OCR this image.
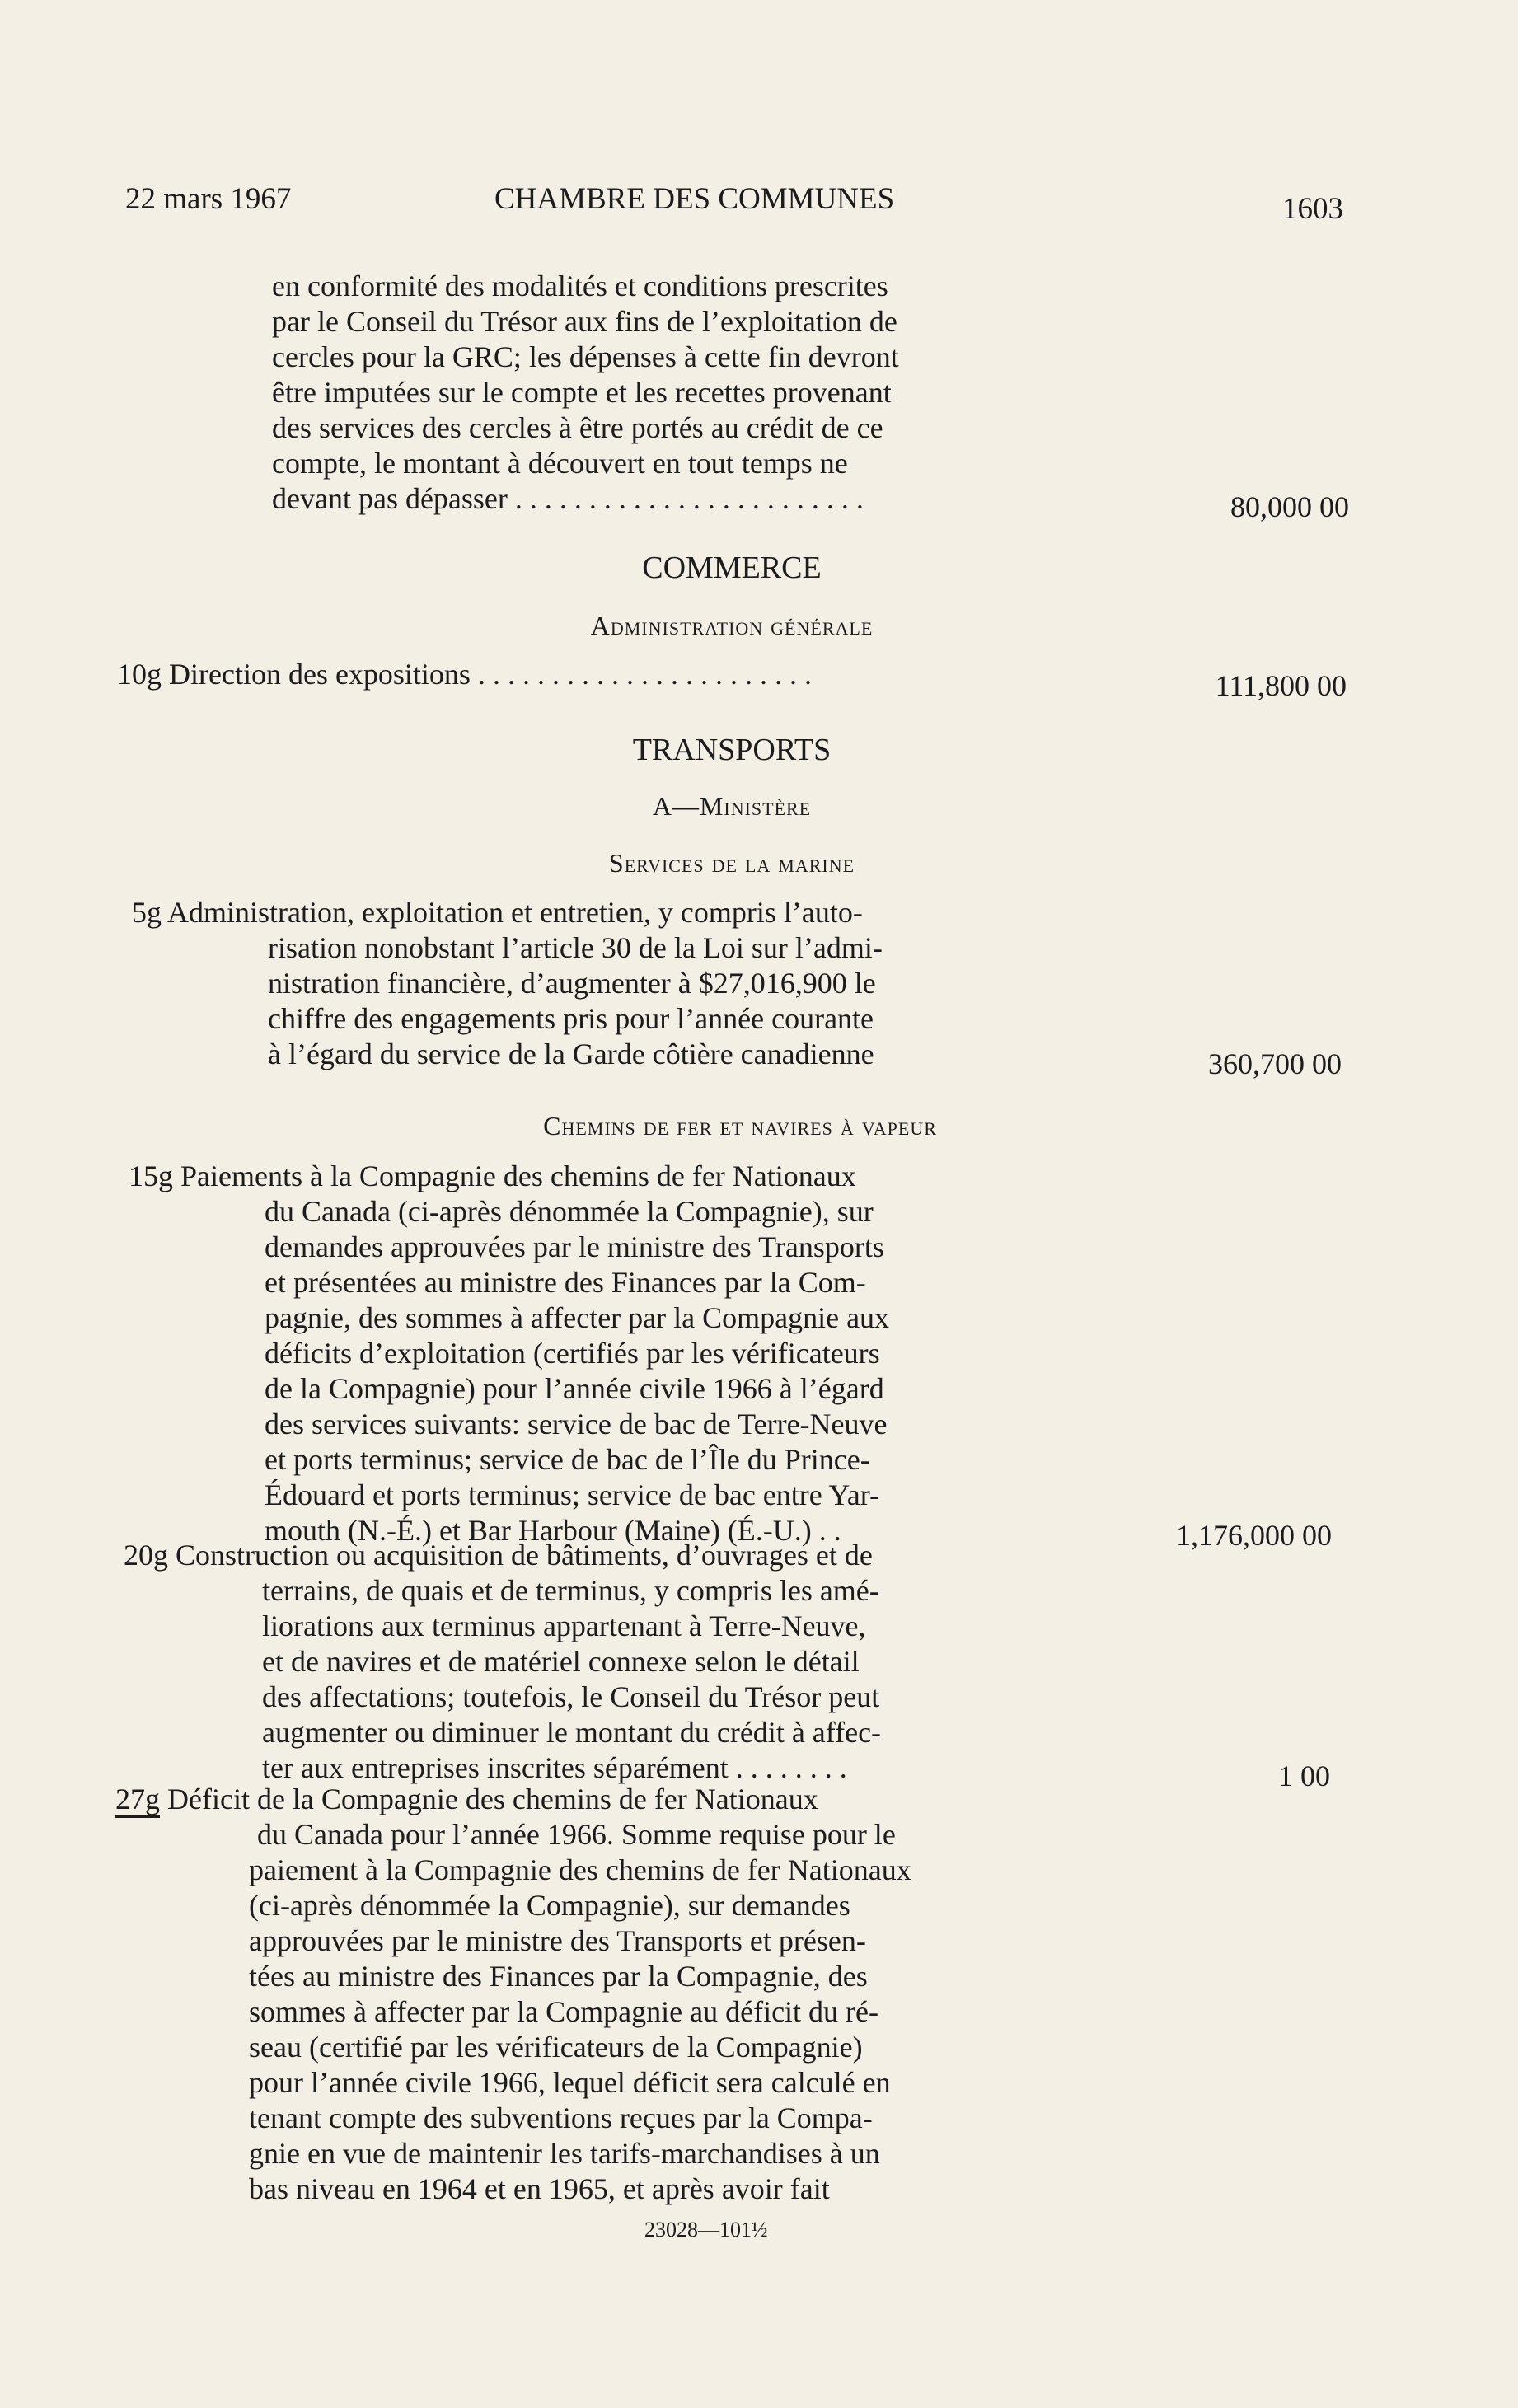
22 mars 1967	CHAMBRE DES COMMUNES	1603
en conformité des modalités et conditions prescrites
par le Conseil du Trésor aux fins de l’exploitation de
cercles pour la GRC; les dépenses à cette fin devront
être imputées sur le compte et les recettes provenant
des services des cercles à être portés au crédit de ce
compte, le montant à découvert en tout temps ne
devant pas dépasser . . . . . . . . . . . . . . . . . . . . . . . .	80,000 00
COMMERCE
Administration générale
10g Direction des expositions . . . . . . . . . . . . . . . . . . . . . . .	111,800 00
TRANSPORTS
A—Ministère
Services de la marine
5g Administration, exploitation et entretien, y compris l’auto-
risation nonobstant l’article 30 de la Loi sur l’admi-
nistration financière, d’augmenter à $27,016,900 le
chiffre des engagements pris pour l’année courante
à l’égard du service de la Garde côtière canadienne	360,700 00
Chemins de fer et navires à vapeur
15g Paiements à la Compagnie des chemins de fer Nationaux
du Canada (ci-après dénommée la Compagnie), sur
demandes approuvées par le ministre des Transports
et présentées au ministre des Finances par la Com-
pagnie, des sommes à affecter par la Compagnie aux
déficits d’exploitation (certifiés par les vérificateurs
de la Compagnie) pour l’année civile 1966 à l’égard
des services suivants: service de bac de Terre-Neuve
et ports terminus; service de bac de l’Île du Prince-
Édouard et ports terminus; service de bac entre Yar-
mouth (N.-É.) et Bar Harbour (Maine) (É.-U.) . .	1,176,000 00
20g Construction ou acquisition de bâtiments, d’ouvrages et de
terrains, de quais et de terminus, y compris les amé-
liorations aux terminus appartenant à Terre-Neuve,
et de navires et de matériel connexe selon le détail
des affectations; toutefois, le Conseil du Trésor peut
augmenter ou diminuer le montant du crédit à affec-
ter aux entreprises inscrites séparément . . . . . . . .	1 00
27g Déficit de la Compagnie des chemins de fer Nationaux
du Canada pour l’année 1966. Somme requise pour le
paiement à la Compagnie des chemins de fer Nationaux
(ci-après dénommée la Compagnie), sur demandes
approuvées par le ministre des Transports et présen-
tées au ministre des Finances par la Compagnie, des
sommes à affecter par la Compagnie au déficit du ré-
seau (certifié par les vérificateurs de la Compagnie)
pour l’année civile 1966, lequel déficit sera calculé en
tenant compte des subventions reçues par la Compa-
gnie en vue de maintenir les tarifs-marchandises à un
bas niveau en 1964 et en 1965, et après avoir fait
23028—101½
